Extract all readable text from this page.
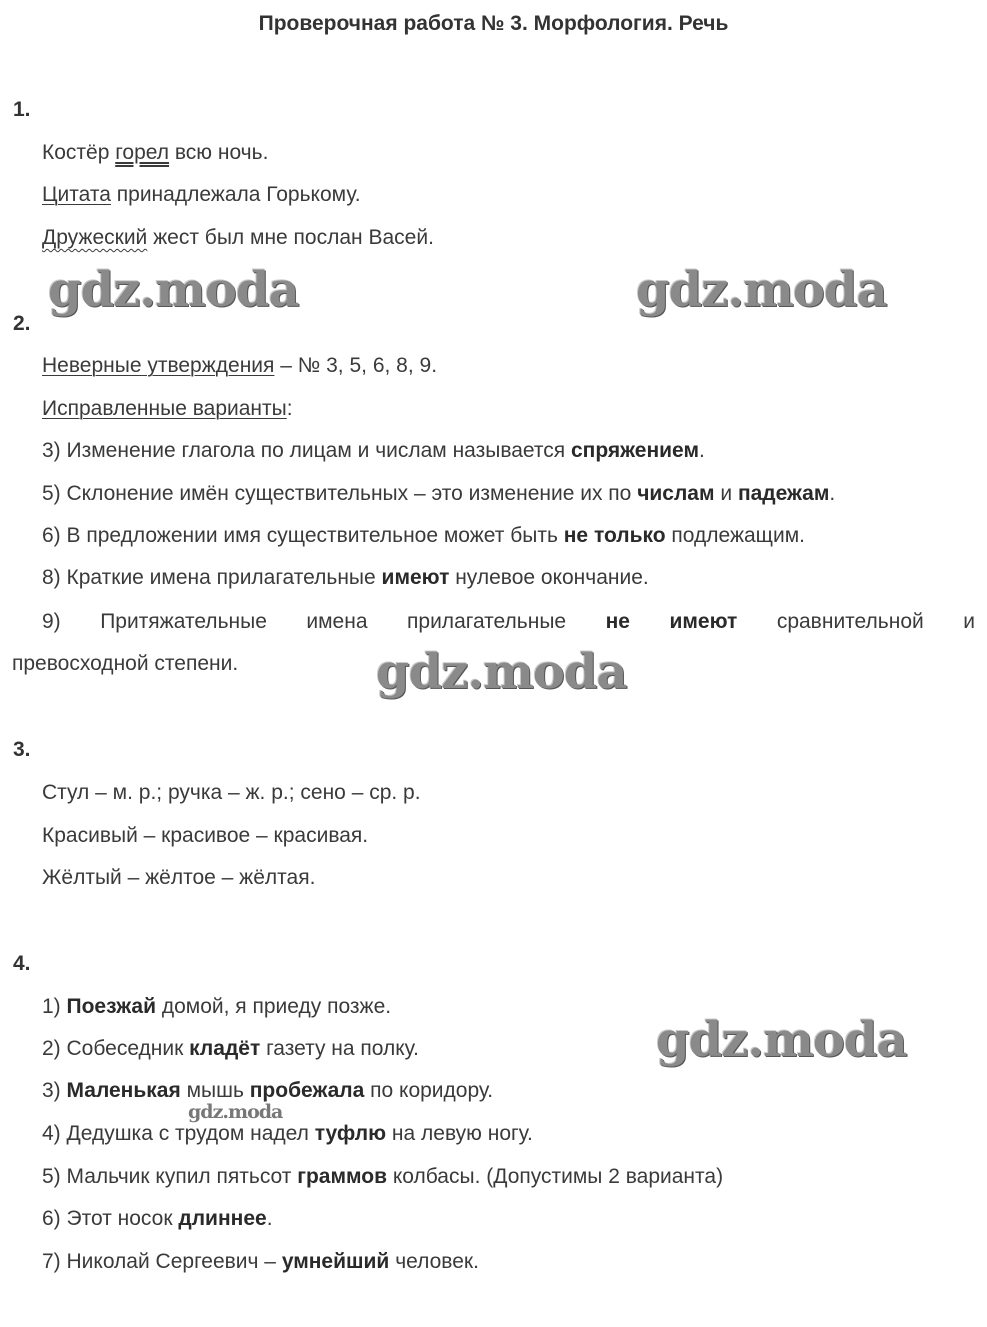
Проверочная работа № 3. Морфология. Речь
1.
Костёр горел всю ночь.
Цитата принадлежала Горькому.
Дружеский жест был мне послан Васей.
gdz.moda	gdz.moda
2.
Неверные утверждения – № 3, 5, 6, 8, 9.
Исправленные варианты:
3) Изменение глагола по лицам и числам называется спряжением.
5) Склонение имён существительных – это изменение их по числам и падежам.
6) В предложении имя существительное может быть не только подлежащим.
8) Краткие имена прилагательные имеют нулевое окончание.
9) Притяжательные имена прилагательные не имеют сравнительной и
превосходной степени.	gdz.moda
3.
Стул – м. р.; ручка – ж. р.; сено – ср. р.
Красивый – красивое – красивая.
Жёлтый – жёлтое – жёлтая.
4.
1) Поезжай домой, я приеду позже.
2) Собеседник кладёт газету на полку.
3) Маленькая мышь пробежала по коридору.
4) Дедушка с трудом надел туфлю на левую ногу.
5) Мальчик купил пятьсот граммов колбасы. (Допустимы 2 варианта)
6) Этот носок длиннее.
7) Николай Сергеевич – умнейший человек.
gdz.moda
gdz.moda
